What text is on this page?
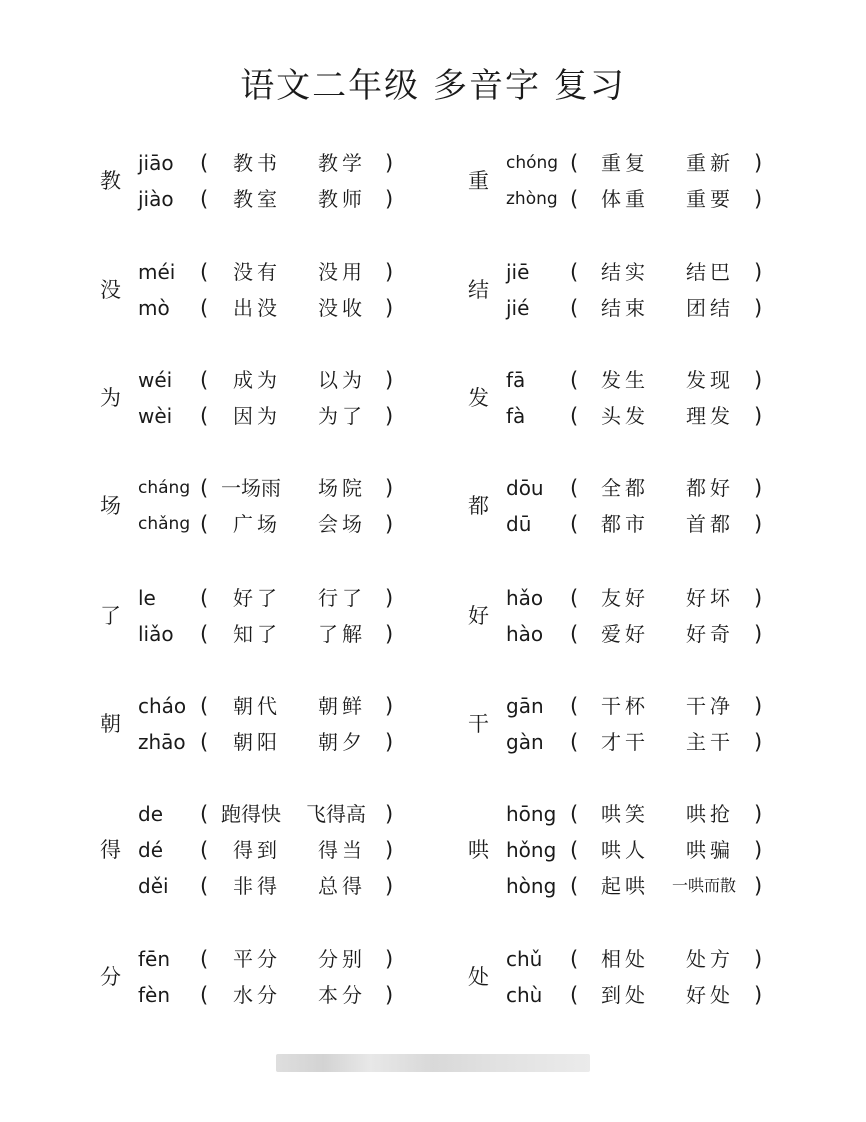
语文二年级 多音字 复习
教
jiāo ( 教书 教学 )
jiào ( 教室 教师 )
没
méi ( 没有 没用 )
mò ( 出没 没收 )
为
wéi ( 成为 以为 )
wèi ( 因为 为了 )
场
cháng ( 一场雨 场院 )
chǎng ( 广场 会场 )
了
le ( 好了 行了 )
liǎo ( 知了 了解 )
朝
cháo ( 朝代 朝鲜 )
zhāo ( 朝阳 朝夕 )
得
de ( 跑得快 飞得高 )
dé ( 得到 得当 )
děi ( 非得 总得 )
分
fēn ( 平分 分别 )
fèn ( 水分 本分 )
重
chóng ( 重复 重新 )
zhòng ( 体重 重要 )
结
jiē ( 结实 结巴 )
jié ( 结束 团结 )
发
fā ( 发生 发现 )
fà ( 头发 理发 )
都
dōu ( 全都 都好 )
dū ( 都市 首都 )
好
hǎo ( 友好 好坏 )
hào ( 爱好 好奇 )
干
gān ( 干杯 干净 )
gàn ( 才干 主干 )
哄
hōng ( 哄笑 哄抢 )
hǒng ( 哄人 哄骗 )
hòng ( 起哄 一哄而散 )
处
chǔ ( 相处 处方 )
chù ( 到处 好处 )
